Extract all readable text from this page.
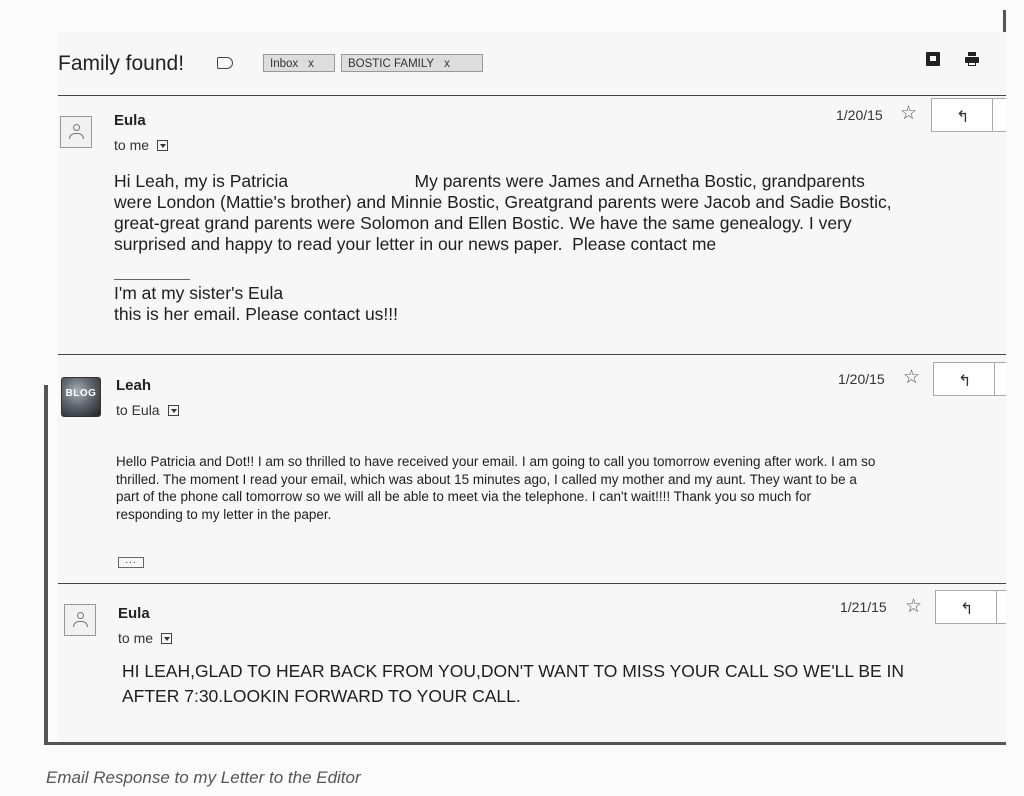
Family found!	Inbox x	BOSTIC FAMILY x
Eula
to me
1/20/15 ☆ ↰
Hi Leah, my is Patricia                          My parents were James and Arnetha Bostic, grandparents
were London (Mattie's brother) and Minnie Bostic, Greatgrand parents were Jacob and Sadie Bostic,
great-great grand parents were Solomon and Ellen Bostic. We have the same genealogy. I very
surprised and happy to read your letter in our news paper.  Please contact me
I'm at my sister's Eula
this is her email. Please contact us!!!
BLOG Leah
to Eula
1/20/15 ☆ ↰
Hello Patricia and Dot!! I am so thrilled to have received your email. I am going to call you tomorrow evening after work. I am so
thrilled. The moment I read your email, which was about 15 minutes ago, I called my mother and my aunt. They want to be a
part of the phone call tomorrow so we will all be able to meet via the telephone. I can't wait!!!! Thank you so much for
responding to my letter in the paper.
...
Eula
to me
1/21/15 ☆ ↰
HI LEAH,GLAD TO HEAR BACK FROM YOU,DON'T WANT TO MISS YOUR CALL SO WE'LL BE IN
AFTER 7:30.LOOKIN FORWARD TO YOUR CALL.
Email Response to my Letter to the Editor
